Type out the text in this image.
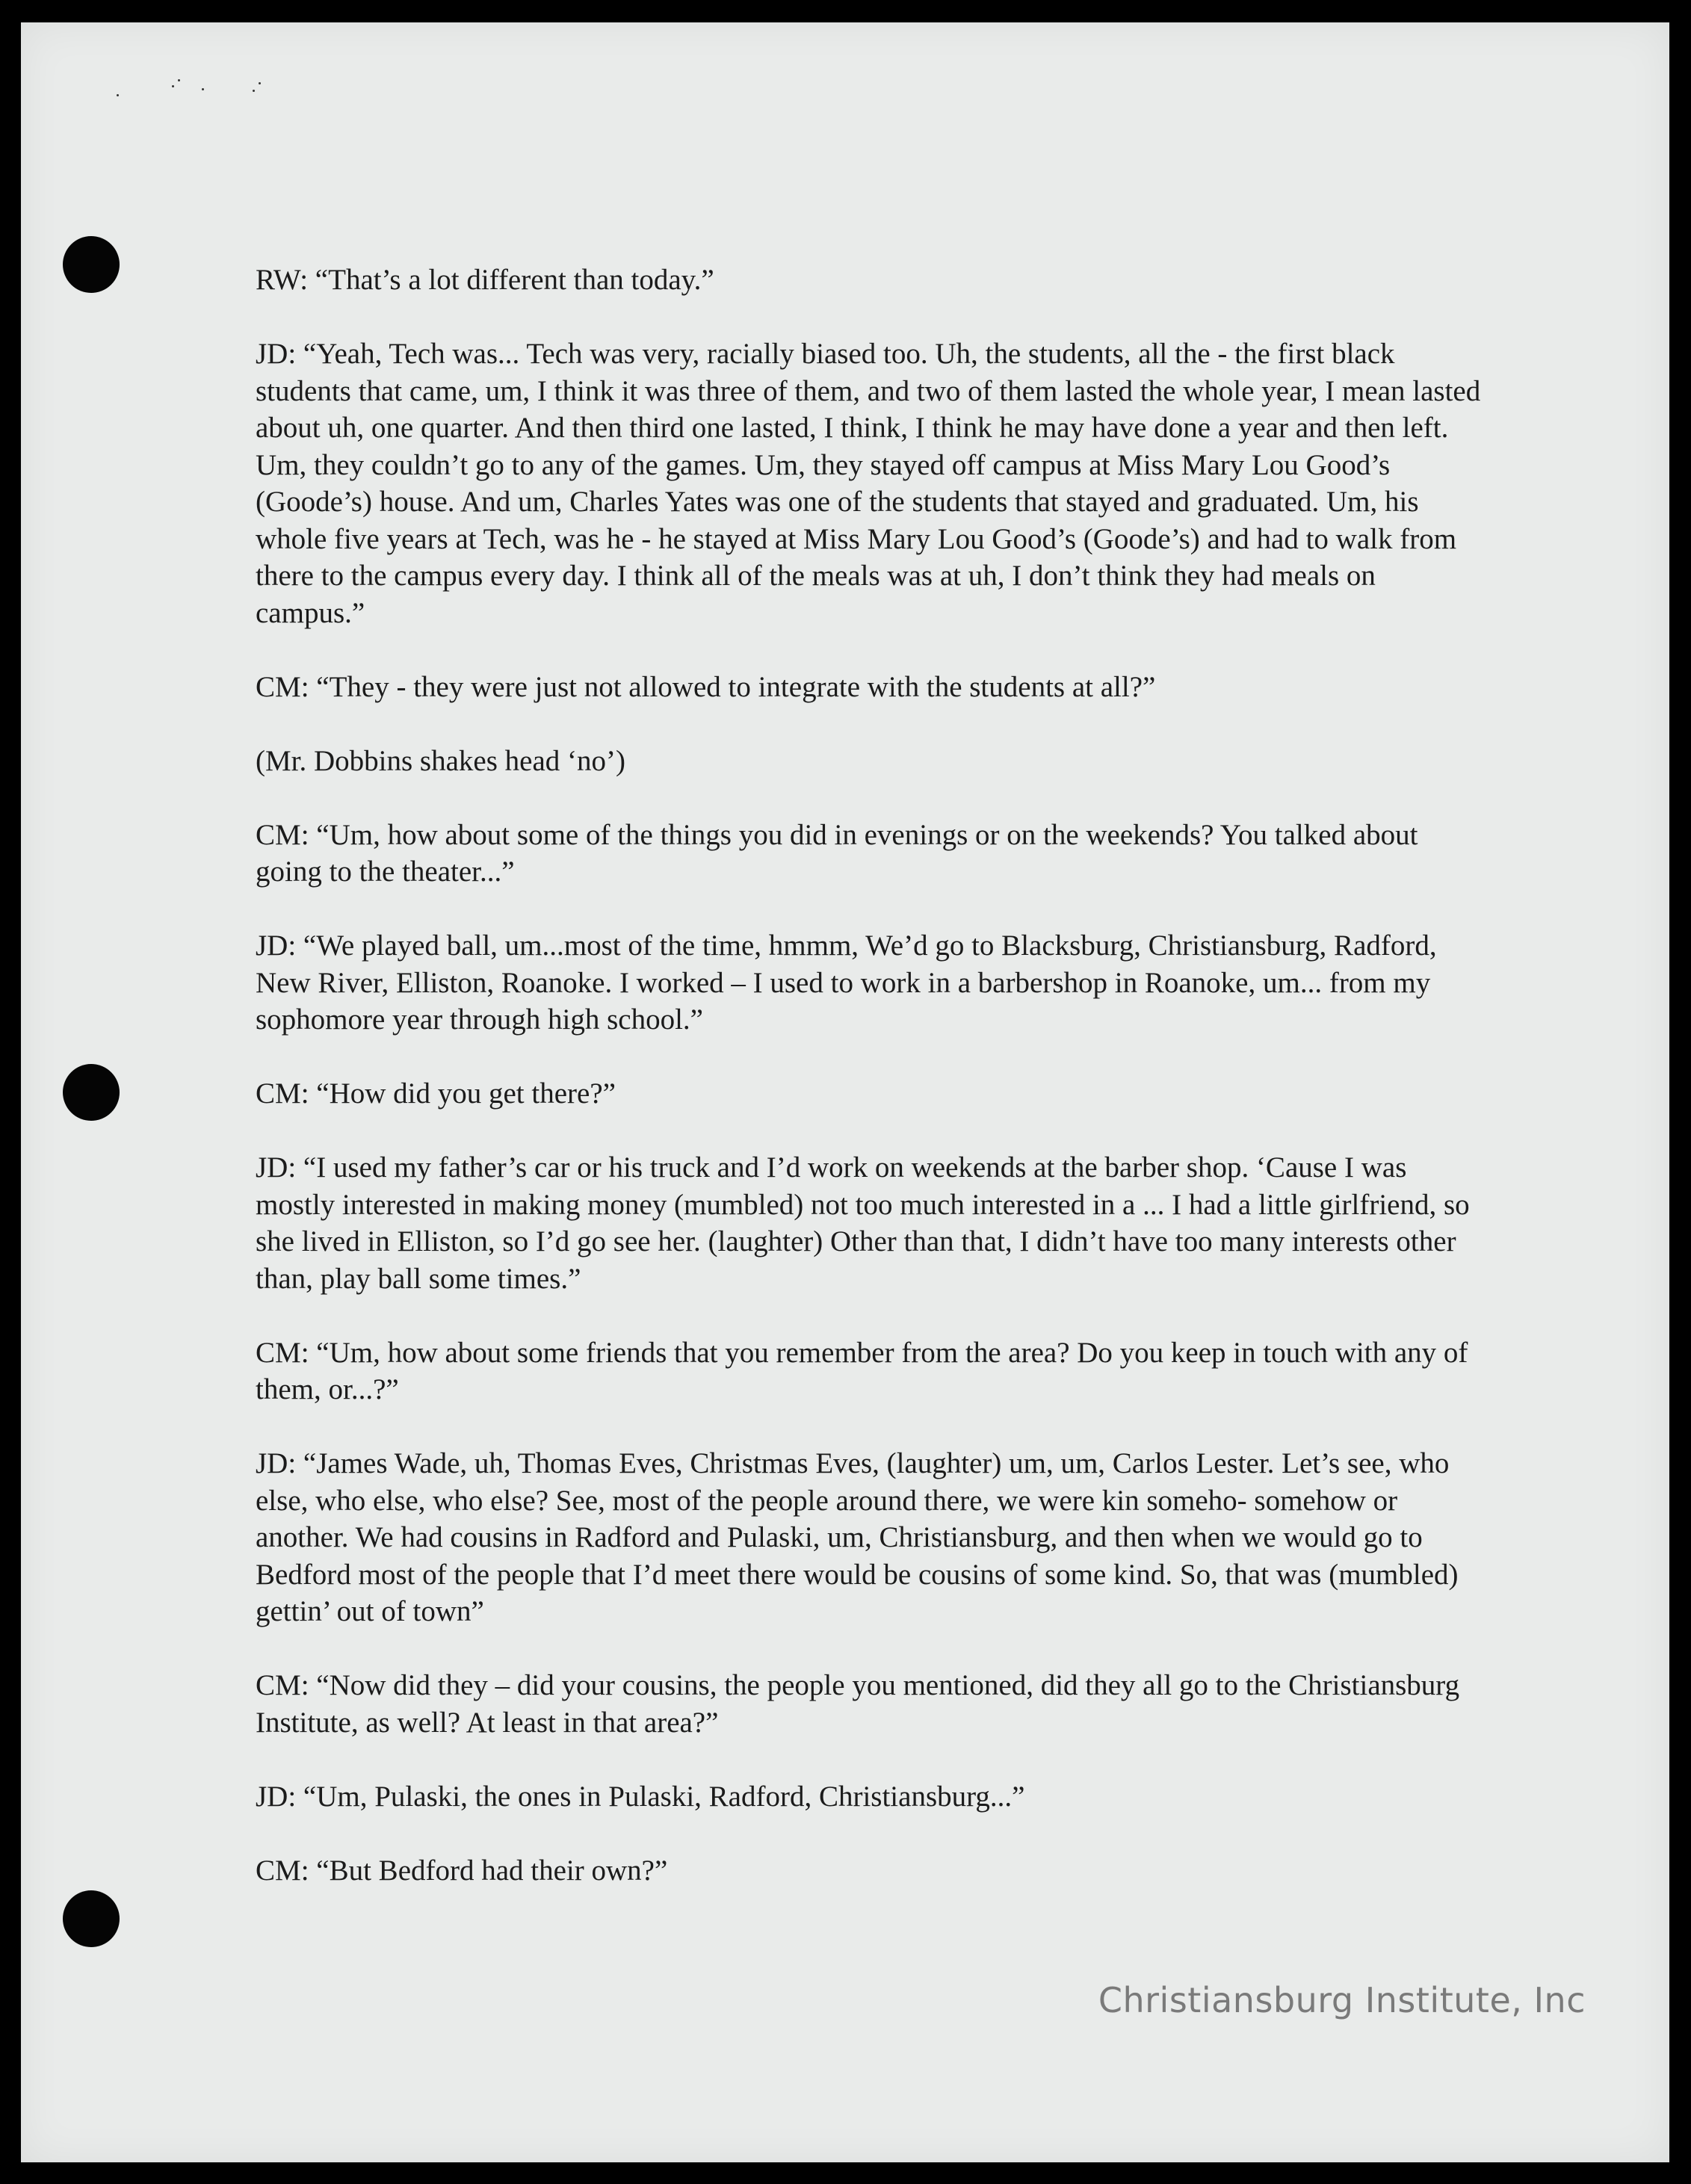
RW: “That’s a lot different than today.”

JD: “Yeah, Tech was... Tech was very, racially biased too. Uh, the students, all the - the first black students that came, um, I think it was three of them, and two of them lasted the whole year, I mean lasted about uh, one quarter. And then third one lasted, I think, I think he may have done a year and then left. Um, they couldn’t go to any of the games. Um, they stayed off campus at Miss Mary Lou Good’s (Goode’s) house. And um, Charles Yates was one of the students that stayed and graduated. Um, his whole five years at Tech, was he - he stayed at Miss Mary Lou Good’s (Goode’s) and had to walk from there to the campus every day. I think all of the meals was at uh, I don’t think they had meals on campus.”

CM: “They - they were just not allowed to integrate with the students at all?”

(Mr. Dobbins shakes head ‘no’)

CM: “Um, how about some of the things you did in evenings or on the weekends? You talked about going to the theater...”

JD: “We played ball, um...most of the time, hmmm, We’d go to Blacksburg, Christiansburg, Radford, New River, Elliston, Roanoke. I worked – I used to work in a barbershop in Roanoke, um... from my sophomore year through high school.”

CM: “How did you get there?”

JD: “I used my father’s car or his truck and I’d work on weekends at the barber shop. ‘Cause I was mostly interested in making money (mumbled) not too much interested in a ... I had a little girlfriend, so she lived in Elliston, so I’d go see her. (laughter) Other than that, I didn’t have too many interests other than, play ball some times.”

CM: “Um, how about some friends that you remember from the area? Do you keep in touch with any of them, or...?”

JD: “James Wade, uh, Thomas Eves, Christmas Eves, (laughter) um, um, Carlos Lester. Let’s see, who else, who else, who else? See, most of the people around there, we were kin someho- somehow or another. We had cousins in Radford and Pulaski, um, Christiansburg, and then when we would go to Bedford most of the people that I’d meet there would be cousins of some kind. So, that was (mumbled) gettin’ out of town”

CM: “Now did they – did your cousins, the people you mentioned, did they all go to the Christiansburg Institute, as well? At least in that area?”

JD: “Um, Pulaski, the ones in Pulaski, Radford, Christiansburg...”

CM: “But Bedford had their own?”

Christiansburg Institute, Inc
